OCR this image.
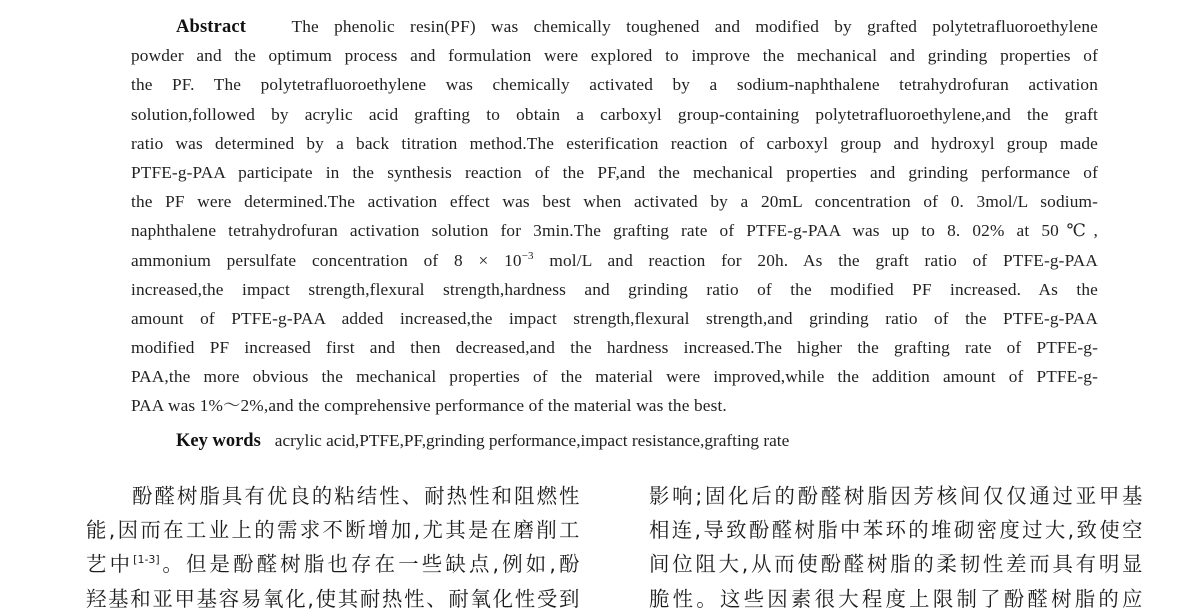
Abstract	The phenolic resin(PF) was chemically toughened and modified by grafted polytetrafluoroethylene
powder and the optimum process and formulation were explored to improve the mechanical and grinding properties of
the PF. The polytetrafluoroethylene was chemically activated by a sodium-naphthalene tetrahydrofuran activation
solution,followed by acrylic acid grafting to obtain a carboxyl group-containing polytetrafluoroethylene,and the graft
ratio was determined by a back titration method.The esterification reaction of carboxyl group and hydroxyl group made
PTFE-g-PAA participate in the synthesis reaction of the PF,and the mechanical properties and grinding performance of
the PF were determined.The activation effect was best when activated by a 20mL concentration of 0. 3mol/L sodium-
naphthalene tetrahydrofuran activation solution for 3min.The grafting rate of PTFE-g-PAA was up to 8. 02% at 50℃,
ammonium persulfate concentration of $8 \times 10^{-3}$ mol/L and reaction for 20h. As the graft ratio of PTFE-g-PAA
increased,the impact strength,flexural strength,hardness and grinding ratio of the modified PF increased. As the
amount of PTFE-g-PAA added increased,the impact strength,flexural strength,and grinding ratio of the PTFE-g-PAA
modified PF increased first and then decreased,and the hardness increased.The higher the grafting rate of PTFE-g-
PAA,the more obvious the mechanical properties of the material were improved,while the addition amount of PTFE-g-
PAA was 1%～2%,and the comprehensive performance of the material was the best.
Key words acrylic acid,PTFE,PF,grinding performance,impact resistance,grafting rate
酚醛树脂具有优良的粘结性、耐热性和阻燃性
能,因而在工业上的需求不断增加,尤其是在磨削工
艺中[1-3]。但是酚醛树脂也存在一些缺点,例如,酚
羟基和亚甲基容易氧化,使其耐热性、耐氧化性受到
影响;固化后的酚醛树脂因芳核间仅仅通过亚甲基
相连,导致酚醛树脂中苯环的堆砌密度过大,致使空
间位阻大,从而使酚醛树脂的柔韧性差而具有明显
脆性。这些因素很大程度上限制了酚醛树脂的应
